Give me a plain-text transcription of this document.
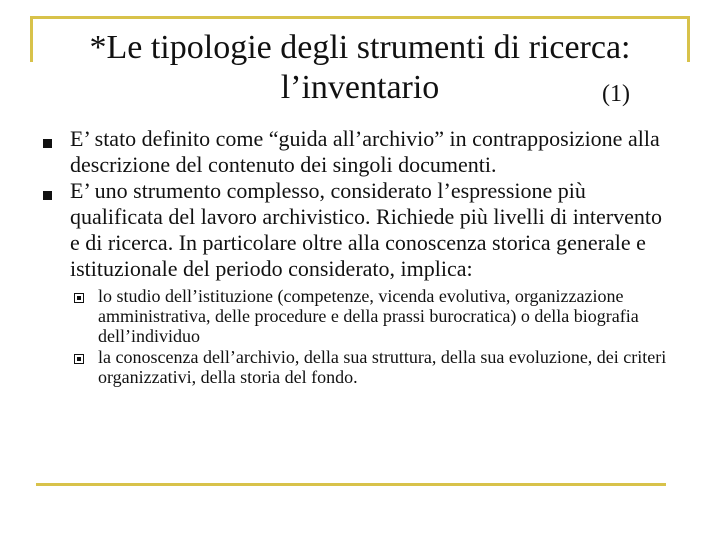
*Le tipologie degli strumenti di ricerca:
l’inventario	(1)
E’ stato definito come “guida all’archivio” in contrapposizione alla descrizione del contenuto dei singoli documenti.
E’ uno strumento complesso, considerato l’espressione più qualificata del lavoro archivistico. Richiede più livelli di intervento e di ricerca. In particolare oltre alla conoscenza storica generale e istituzionale del periodo considerato, implica:
lo studio dell’istituzione (competenze, vicenda evolutiva, organizzazione amministrativa, delle procedure e della prassi burocratica) o della biografia dell’individuo
la conoscenza dell’archivio, della sua struttura, della sua evoluzione, dei criteri organizzativi, della storia del fondo.
